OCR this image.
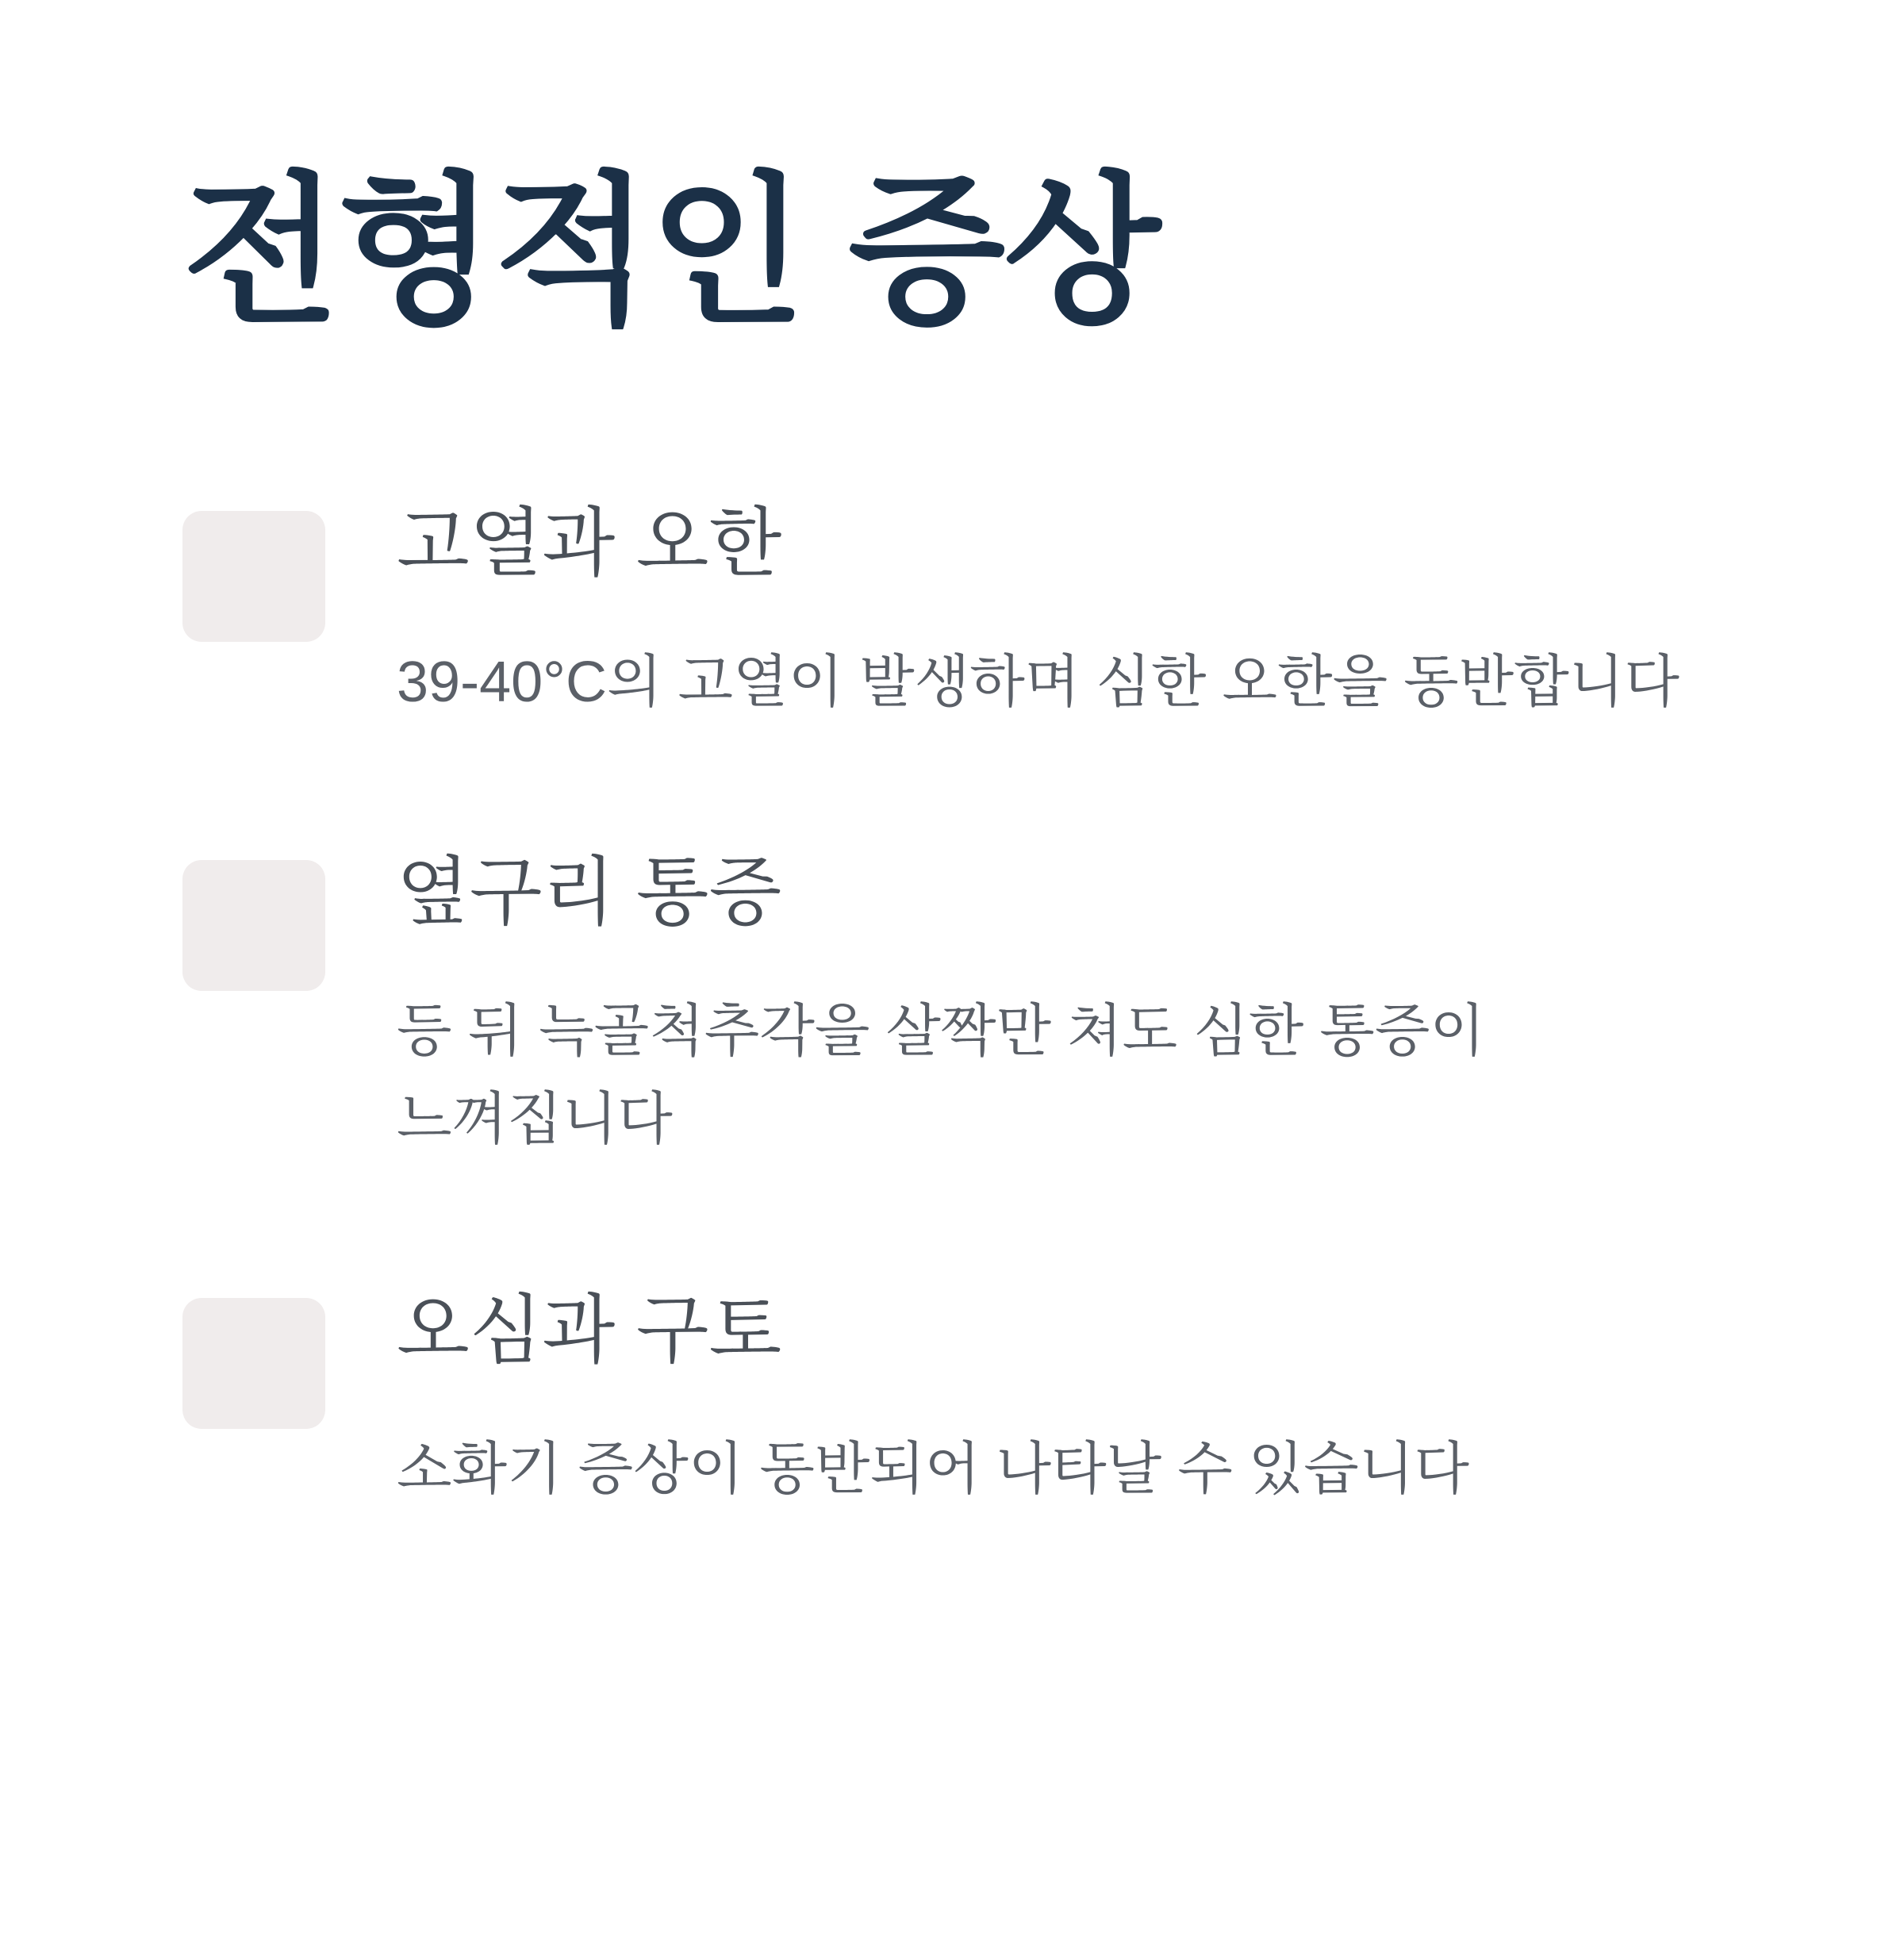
전형적인 증상
고열과 오한

39-40°C의 고열이 발생하며 심한 오한을 동반합니다

옆구리 통증

등 뒤 늑골척추각을 살짝만 쳐도 심한 통증이 느껴집니다

오심과 구토

소화기 증상이 동반되어 나타날 수 있습니다
